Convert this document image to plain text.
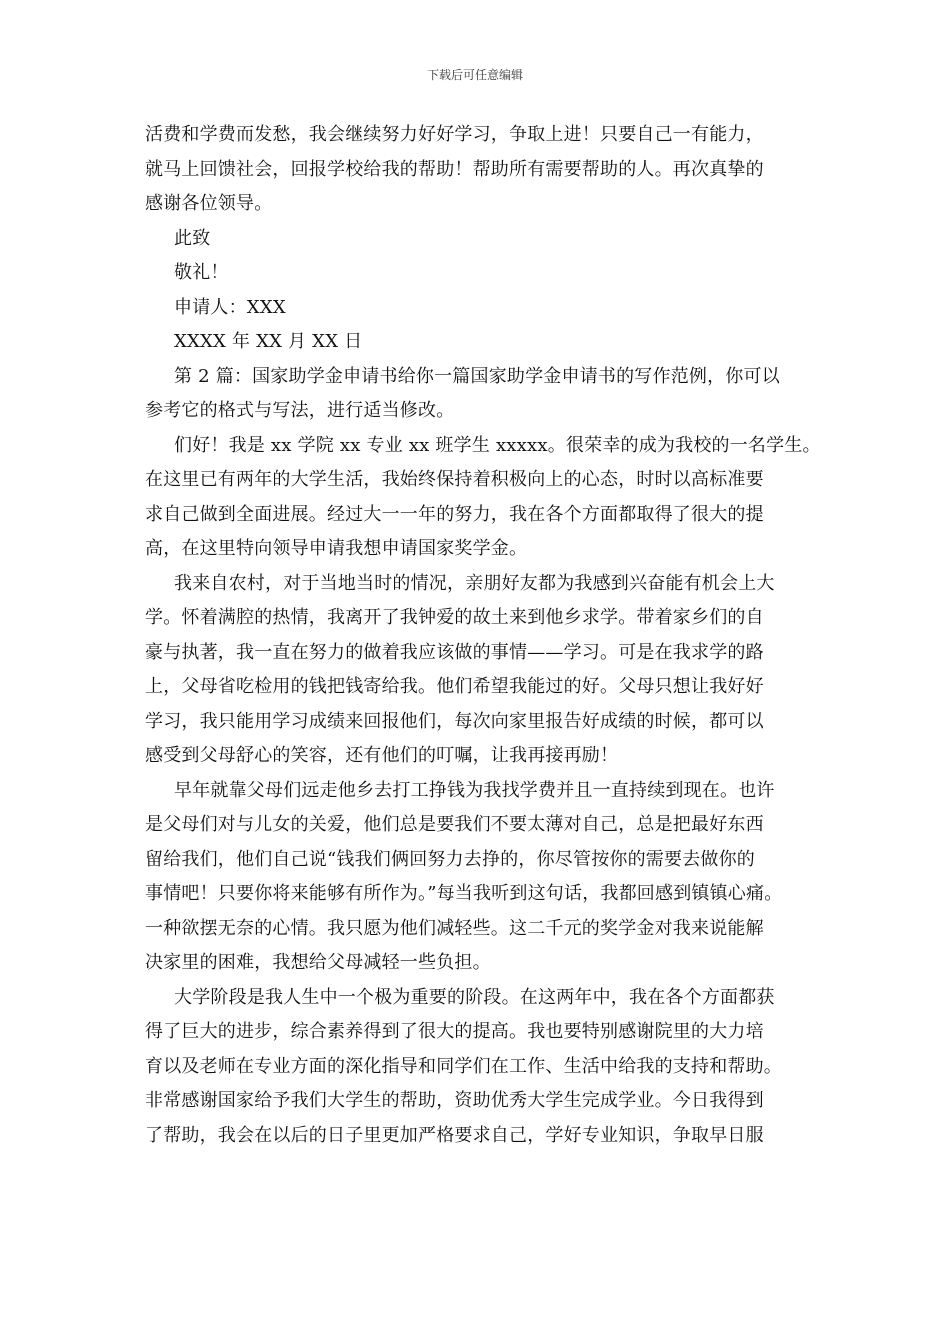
下载后可任意编辑
活费和学费而发愁，我会继续努力好好学习，争取上进！只要自己一有能力，
就马上回馈社会，回报学校给我的帮助！帮助所有需要帮助的人。再次真挚的
感谢各位领导。
此致
敬礼！
申请人：XXX
XXXX 年 XX 月 XX 日
第 2 篇：国家助学金申请书给你一篇国家助学金申请书的写作范例，你可以
参考它的格式与写法，进行适当修改。
们好！我是 xx 学院 xx 专业 xx 班学生 xxxxx。很荣幸的成为我校的一名学生。
在这里已有两年的大学生活，我始终保持着积极向上的心态，时时以高标准要
求自己做到全面进展。经过大一一年的努力，我在各个方面都取得了很大的提
高，在这里特向领导申请我想申请国家奖学金。
我来自农村，对于当地当时的情况，亲朋好友都为我感到兴奋能有机会上大
学。怀着满腔的热情，我离开了我钟爱的故土来到他乡求学。带着家乡们的自
豪与执著，我一直在努力的做着我应该做的事情——学习。可是在我求学的路
上，父母省吃检用的钱把钱寄给我。他们希望我能过的好。父母只想让我好好
学习，我只能用学习成绩来回报他们，每次向家里报告好成绩的时候，都可以
感受到父母舒心的笑容，还有他们的叮嘱，让我再接再励！
早年就靠父母们远走他乡去打工挣钱为我找学费并且一直持续到现在。也许
是父母们对与儿女的关爱，他们总是要我们不要太薄对自己，总是把最好东西
留给我们，他们自己说“钱我们俩回努力去挣的，你尽管按你的需要去做你的
事情吧！只要你将来能够有所作为。”每当我听到这句话，我都回感到镇镇心痛。
一种欲摆无奈的心情。我只愿为他们减轻些。这二千元的奖学金对我来说能解
决家里的困难，我想给父母减轻一些负担。
大学阶段是我人生中一个极为重要的阶段。在这两年中，我在各个方面都获
得了巨大的进步，综合素养得到了很大的提高。我也要特别感谢院里的大力培
育以及老师在专业方面的深化指导和同学们在工作、生活中给我的支持和帮助。
非常感谢国家给予我们大学生的帮助，资助优秀大学生完成学业。今日我得到
了帮助，我会在以后的日子里更加严格要求自己，学好专业知识，争取早日服
